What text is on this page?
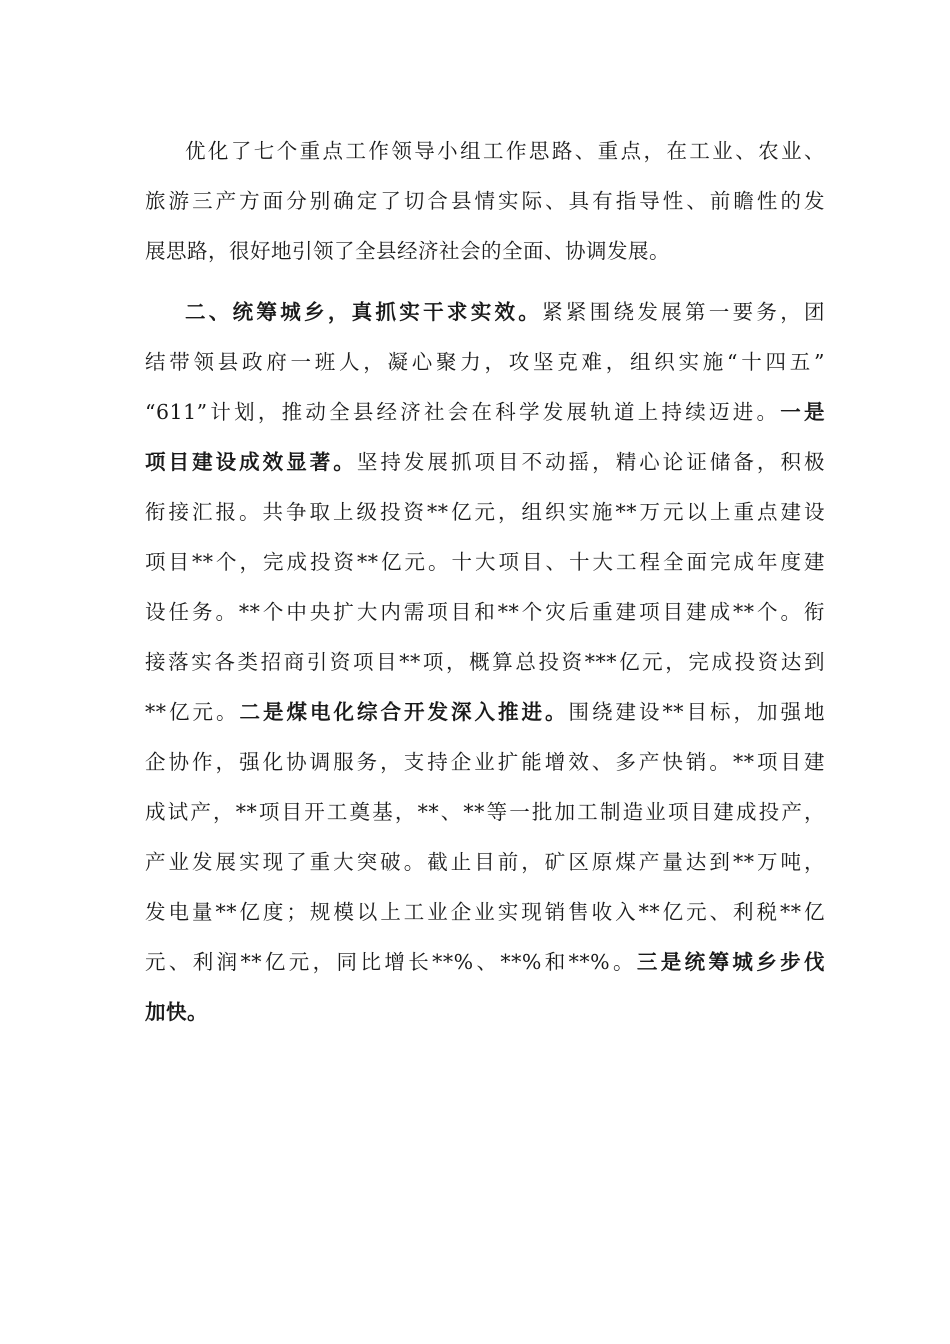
优化了七个重点工作领导小组工作思路、重点，在工业、农业、
旅游三产方面分别确定了切合县情实际、具有指导性、前瞻性的发
展思路，很好地引领了全县经济社会的全面、协调发展。
二、统筹城乡，真抓实干求实效。紧紧围绕发展第一要务，团
结带领县政府一班人，凝心聚力，攻坚克难，组织实施“十四五”
“611”计划，推动全县经济社会在科学发展轨道上持续迈进。一是
项目建设成效显著。坚持发展抓项目不动摇，精心论证储备，积极
衔接汇报。共争取上级投资**亿元，组织实施**万元以上重点建设
项目**个，完成投资**亿元。十大项目、十大工程全面完成年度建
设任务。**个中央扩大内需项目和**个灾后重建项目建成**个。衔
接落实各类招商引资项目**项，概算总投资***亿元，完成投资达到
**亿元。二是煤电化综合开发深入推进。围绕建设**目标，加强地
企协作，强化协调服务，支持企业扩能增效、多产快销。**项目建
成试产，**项目开工奠基，**、**等一批加工制造业项目建成投产，
产业发展实现了重大突破。截止目前，矿区原煤产量达到**万吨，
发电量**亿度；规模以上工业企业实现销售收入**亿元、利税**亿
元、利润**亿元，同比增长**%、**%和**%。三是统筹城乡步伐
加快。
